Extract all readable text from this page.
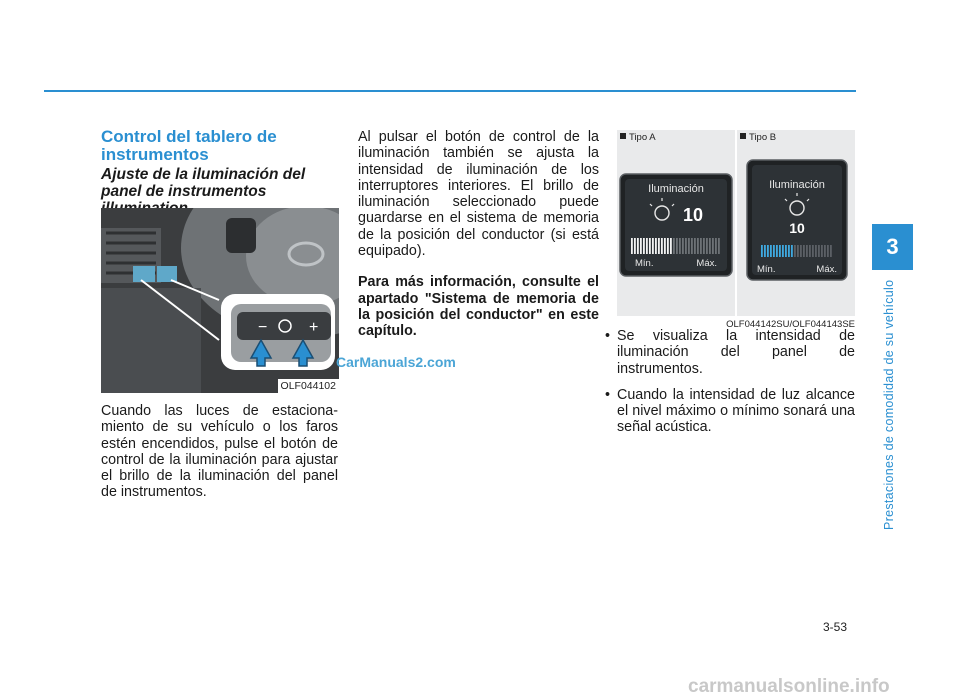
Control del tablero de instrumentos
Ajuste de la iluminación del panel de instrumentos
−	+
OLF044102

Cuando las luces de estaciona-miento de su vehículo o los faros estén encendidos, pulse el botón de control de la iluminación para ajustar el brillo de la iluminación del panel de instrumentos.

Al pulsar el botón de control de la iluminación también se ajusta la intensidad de iluminación de los interruptores interiores. El brillo de iluminación seleccionado puede guardarse en el sistema de memoria de la posición del conductor (si está equipado).

Para más información, consulte el apartado "Sistema de memoria de la posición del conductor" en este capítulo.

Tipo A
Iluminación
10
Mín.	Máx.
Tipo B
Iluminación
10
Mín.	Máx.
OLF044142SU/OLF044143SE
• Se visualiza la intensidad de iluminación del panel de instrumentos.
• Cuando la intensidad de luz alcance el nivel máximo o mínimo sonará una señal acústica.
3
Prestaciones de comodidad de su vehículo
3-53
CarManuals2.com
carmanualsonline.info
